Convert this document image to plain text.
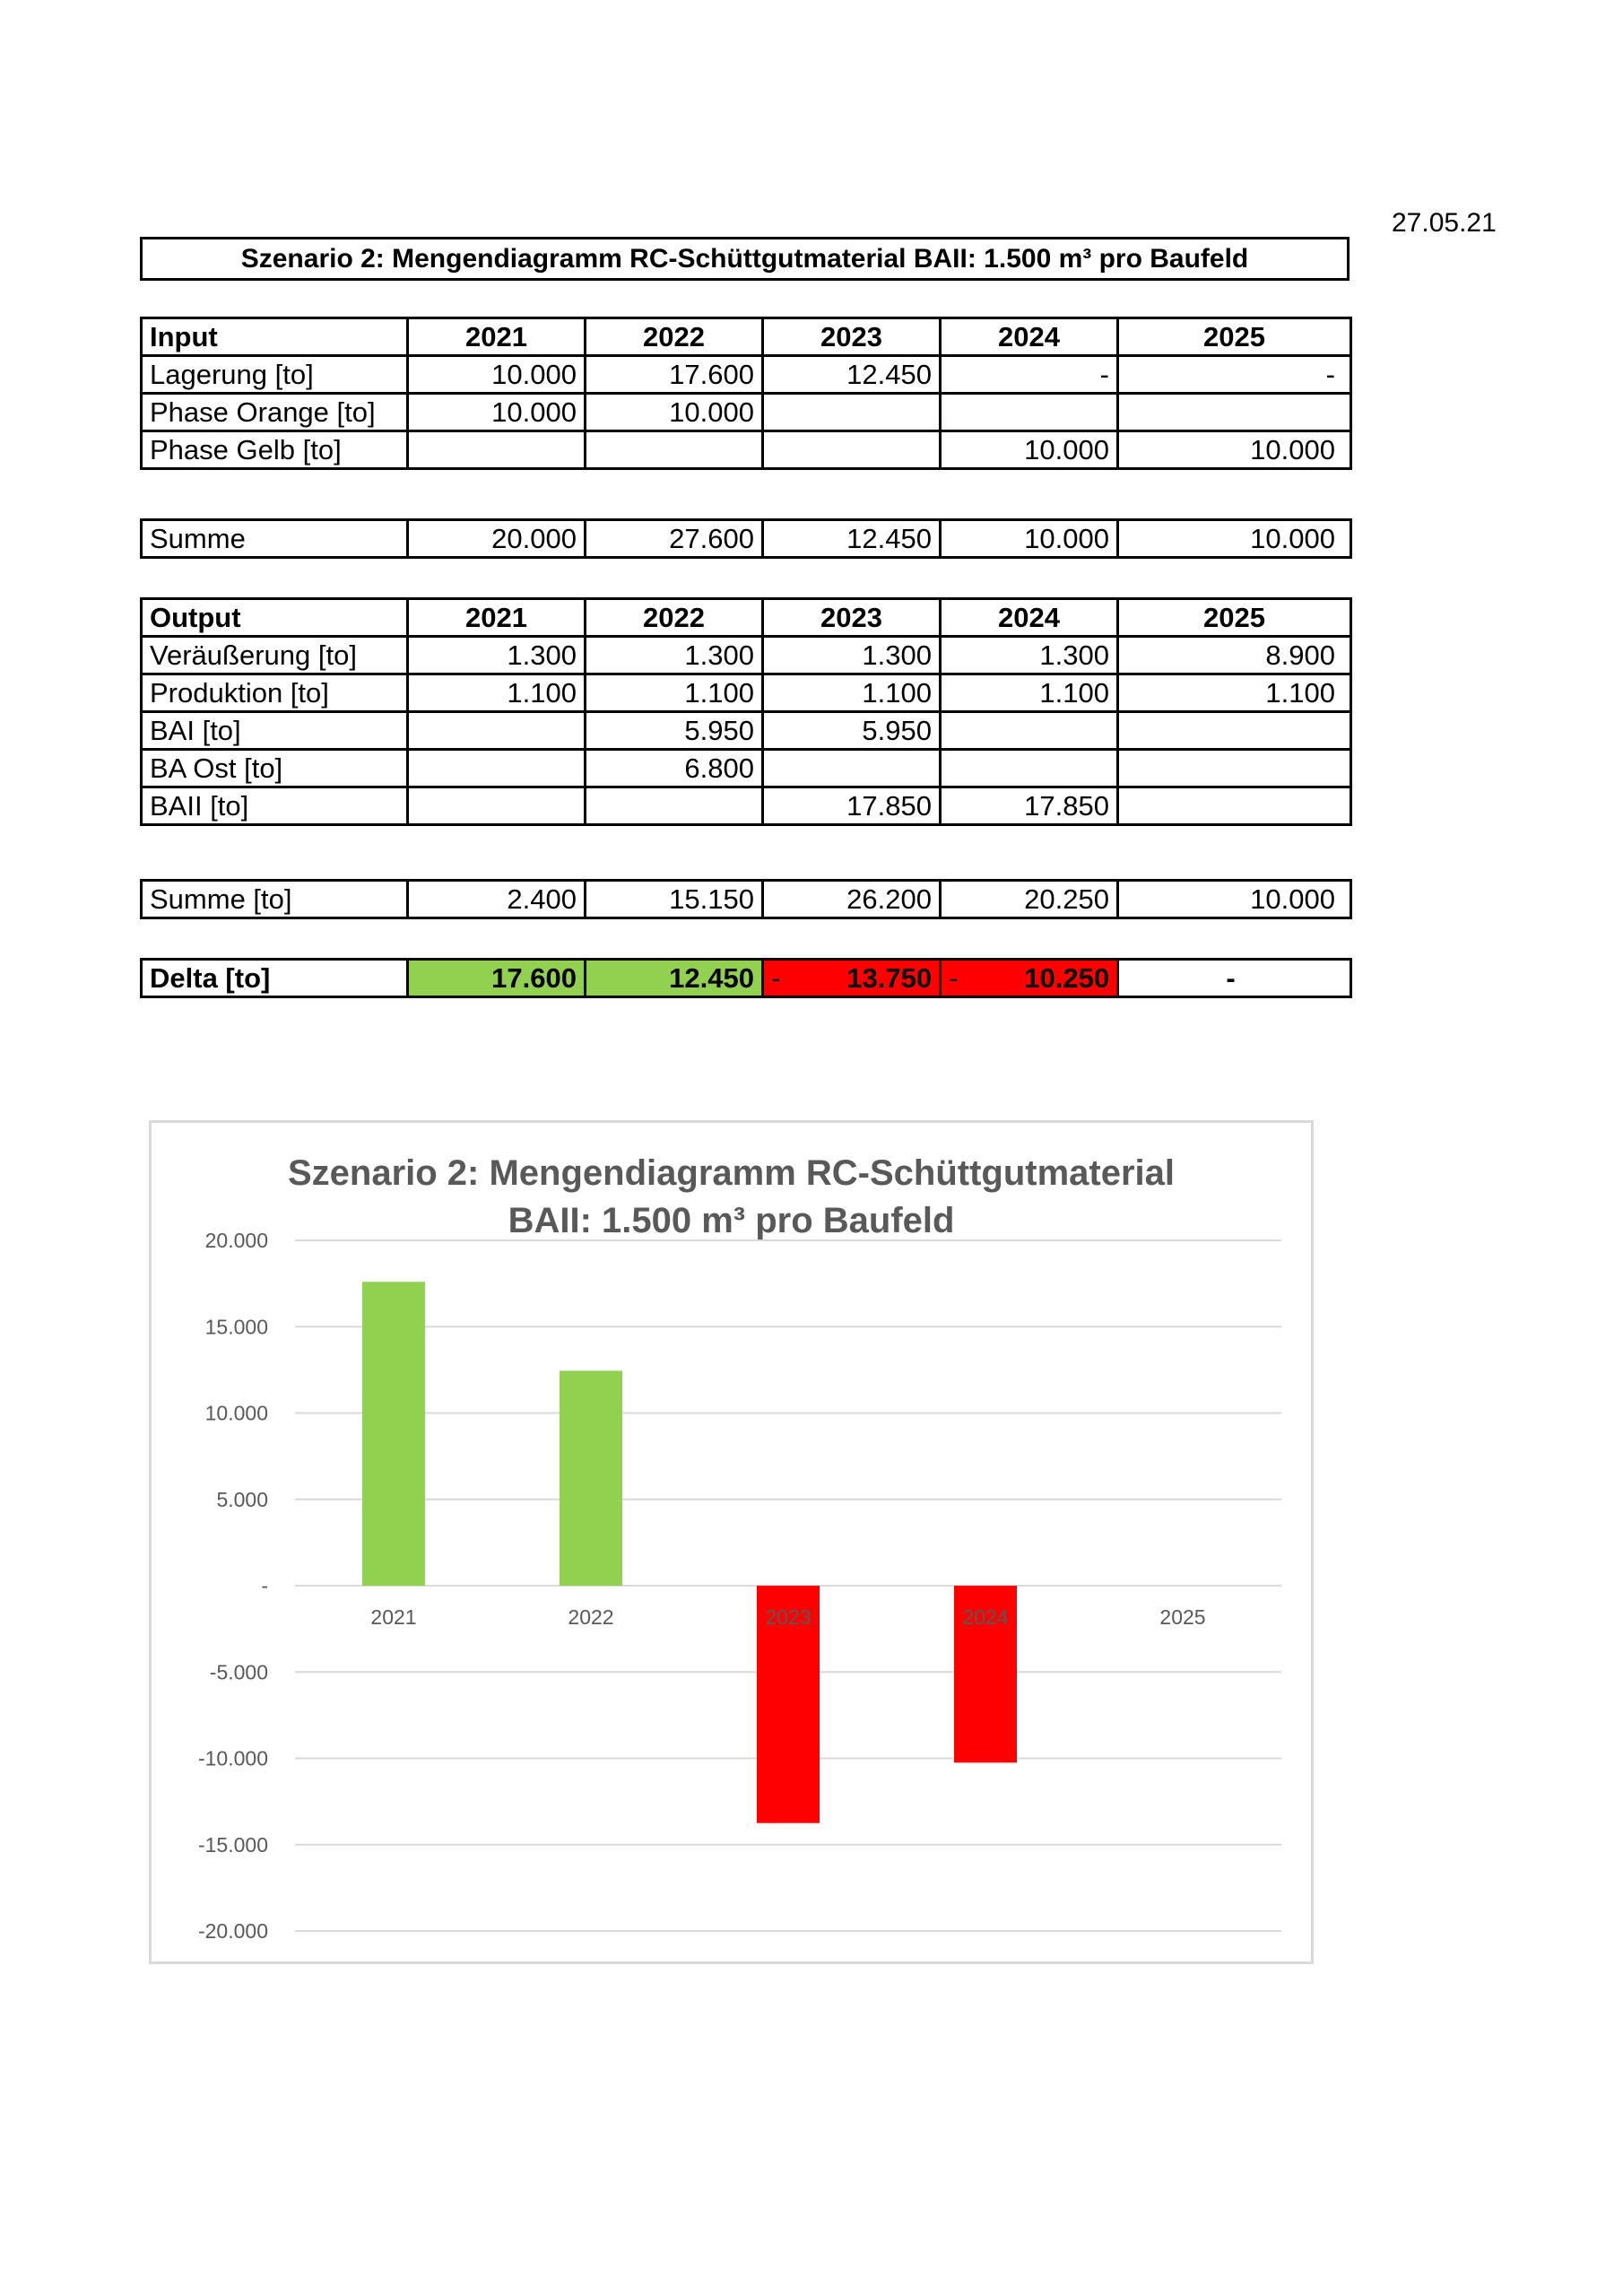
27.05.21
Szenario 2: Mengendiagramm RC-Schüttgutmaterial BAII: 1.500 m³ pro Baufeld
Input	2021	2022	2023	2024	2025
Lagerung [to]	10.000	17.600	12.450	-	-
Phase Orange [to]	10.000	10.000			
Phase Gelb [to]				10.000	10.000
Summe	20.000	27.600	12.450	10.000	10.000
Output	2021	2022	2023	2024	2025
Veräußerung [to]	1.300	1.300	1.300	1.300	8.900
Produktion [to]	1.100	1.100	1.100	1.100	1.100
BAI [to]		5.950	5.950		
BA Ost [to]		6.800			
BAII [to]			17.850	17.850	
Summe [to]	2.400	15.150	26.200	20.250	10.000
Delta [to]	17.600	12.450	- 13.750	- 10.250	-
Szenario 2: Mengendiagramm RC-Schüttgutmaterial
BAII: 1.500 m³ pro Baufeld
20.000
15.000
10.000
5.000
-
-5.000
-10.000
-15.000
-20.000
2021	2022	2023	2024	2025
